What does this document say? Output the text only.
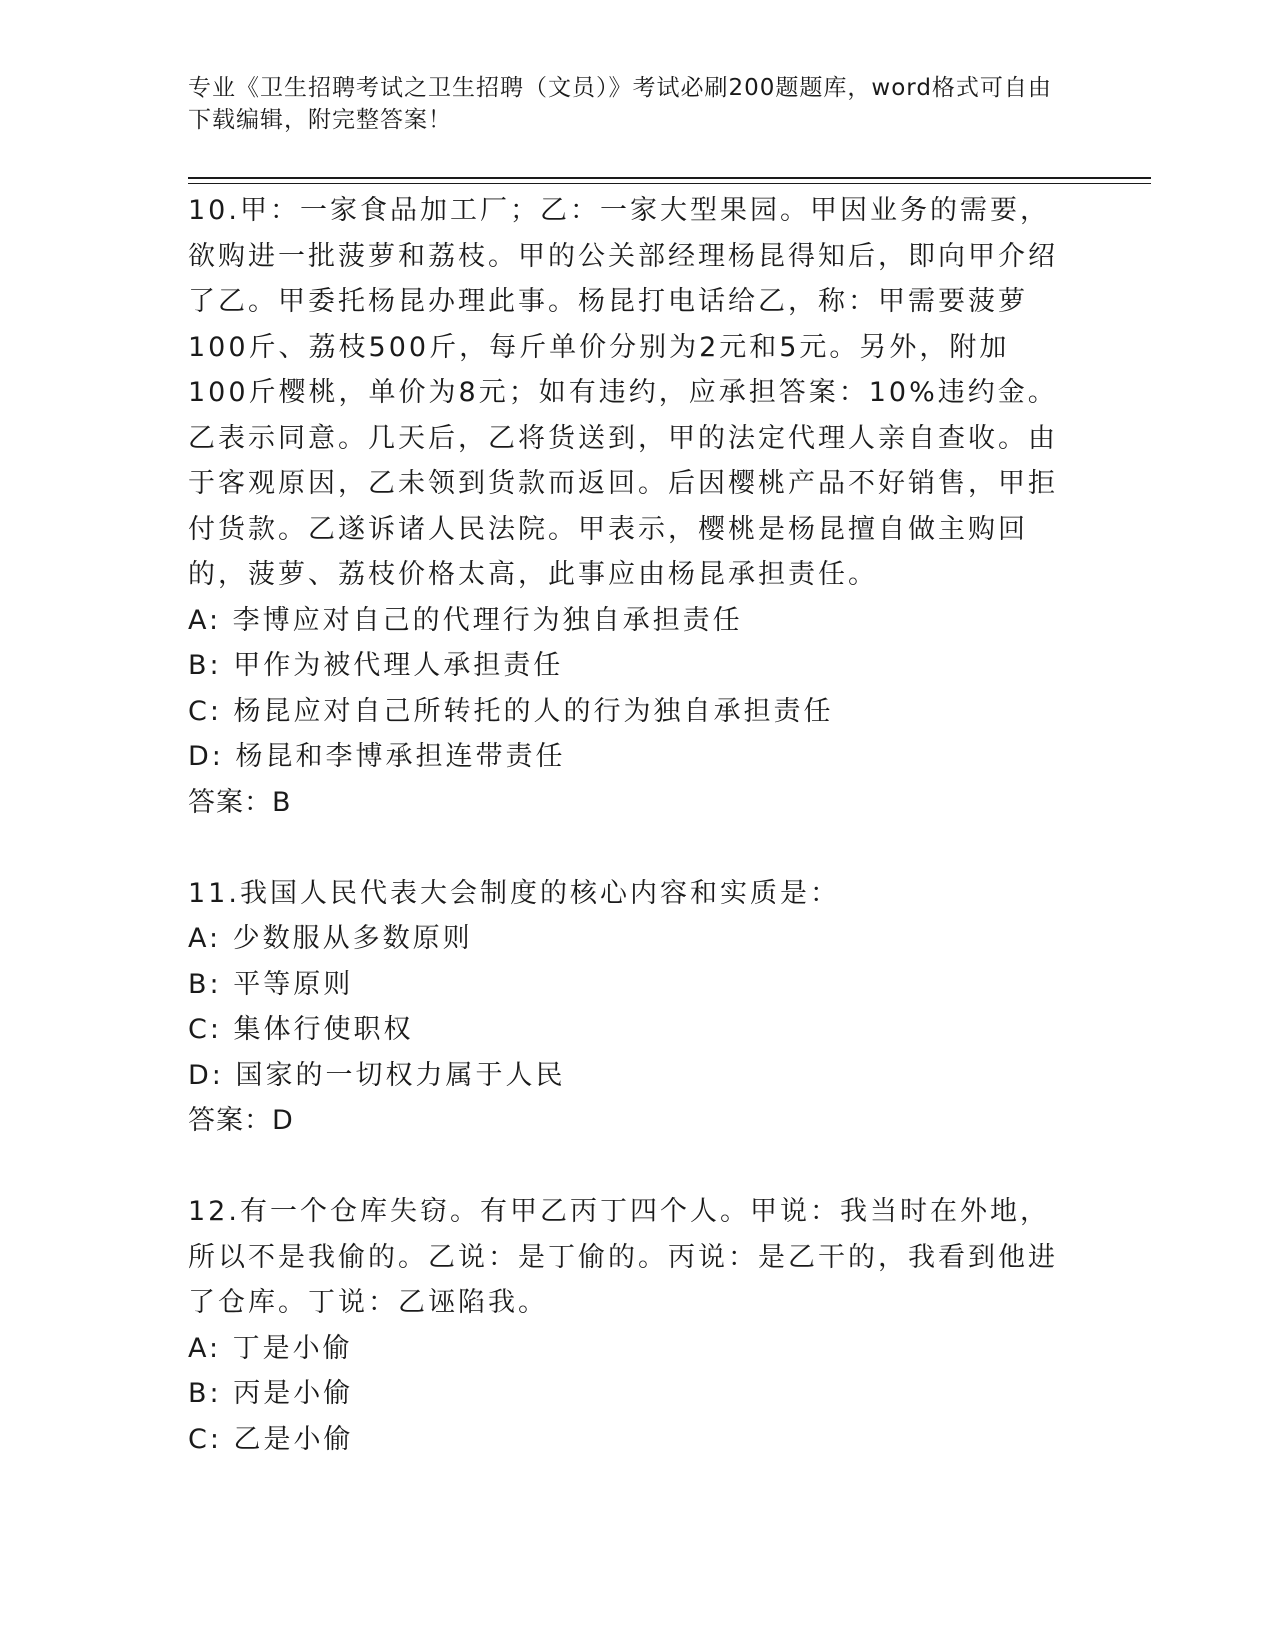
专业《卫生招聘考试之卫生招聘（文员）》考试必刷200题题库，word格式可自由下载编辑，附完整答案！

10.甲：一家食品加工厂；乙：一家大型果园。甲因业务的需要，欲购进一批菠萝和荔枝。甲的公关部经理杨昆得知后，即向甲介绍了乙。甲委托杨昆办理此事。杨昆打电话给乙，称：甲需要菠萝100斤、荔枝500斤，每斤单价分别为2元和5元。另外，附加100斤樱桃，单价为8元；如有违约，应承担答案：10%违约金。乙表示同意。几天后，乙将货送到，甲的法定代理人亲自查收。由于客观原因，乙未领到货款而返回。后因樱桃产品不好销售，甲拒付货款。乙遂诉诸人民法院。甲表示，樱桃是杨昆擅自做主购回的，菠萝、荔枝价格太高，此事应由杨昆承担责任。

A: 李博应对自己的代理行为独自承担责任

B: 甲作为被代理人承担责任

C: 杨昆应对自己所转托的人的行为独自承担责任

D: 杨昆和李博承担连带责任

答案：B

11.我国人民代表大会制度的核心内容和实质是：

A: 少数服从多数原则

B: 平等原则

C: 集体行使职权

D: 国家的一切权力属于人民

答案：D

12.有一个仓库失窃。有甲乙丙丁四个人。甲说：我当时在外地，所以不是我偷的。乙说：是丁偷的。丙说：是乙干的，我看到他进了仓库。丁说：乙诬陷我。

A: 丁是小偷

B: 丙是小偷

C: 乙是小偷
